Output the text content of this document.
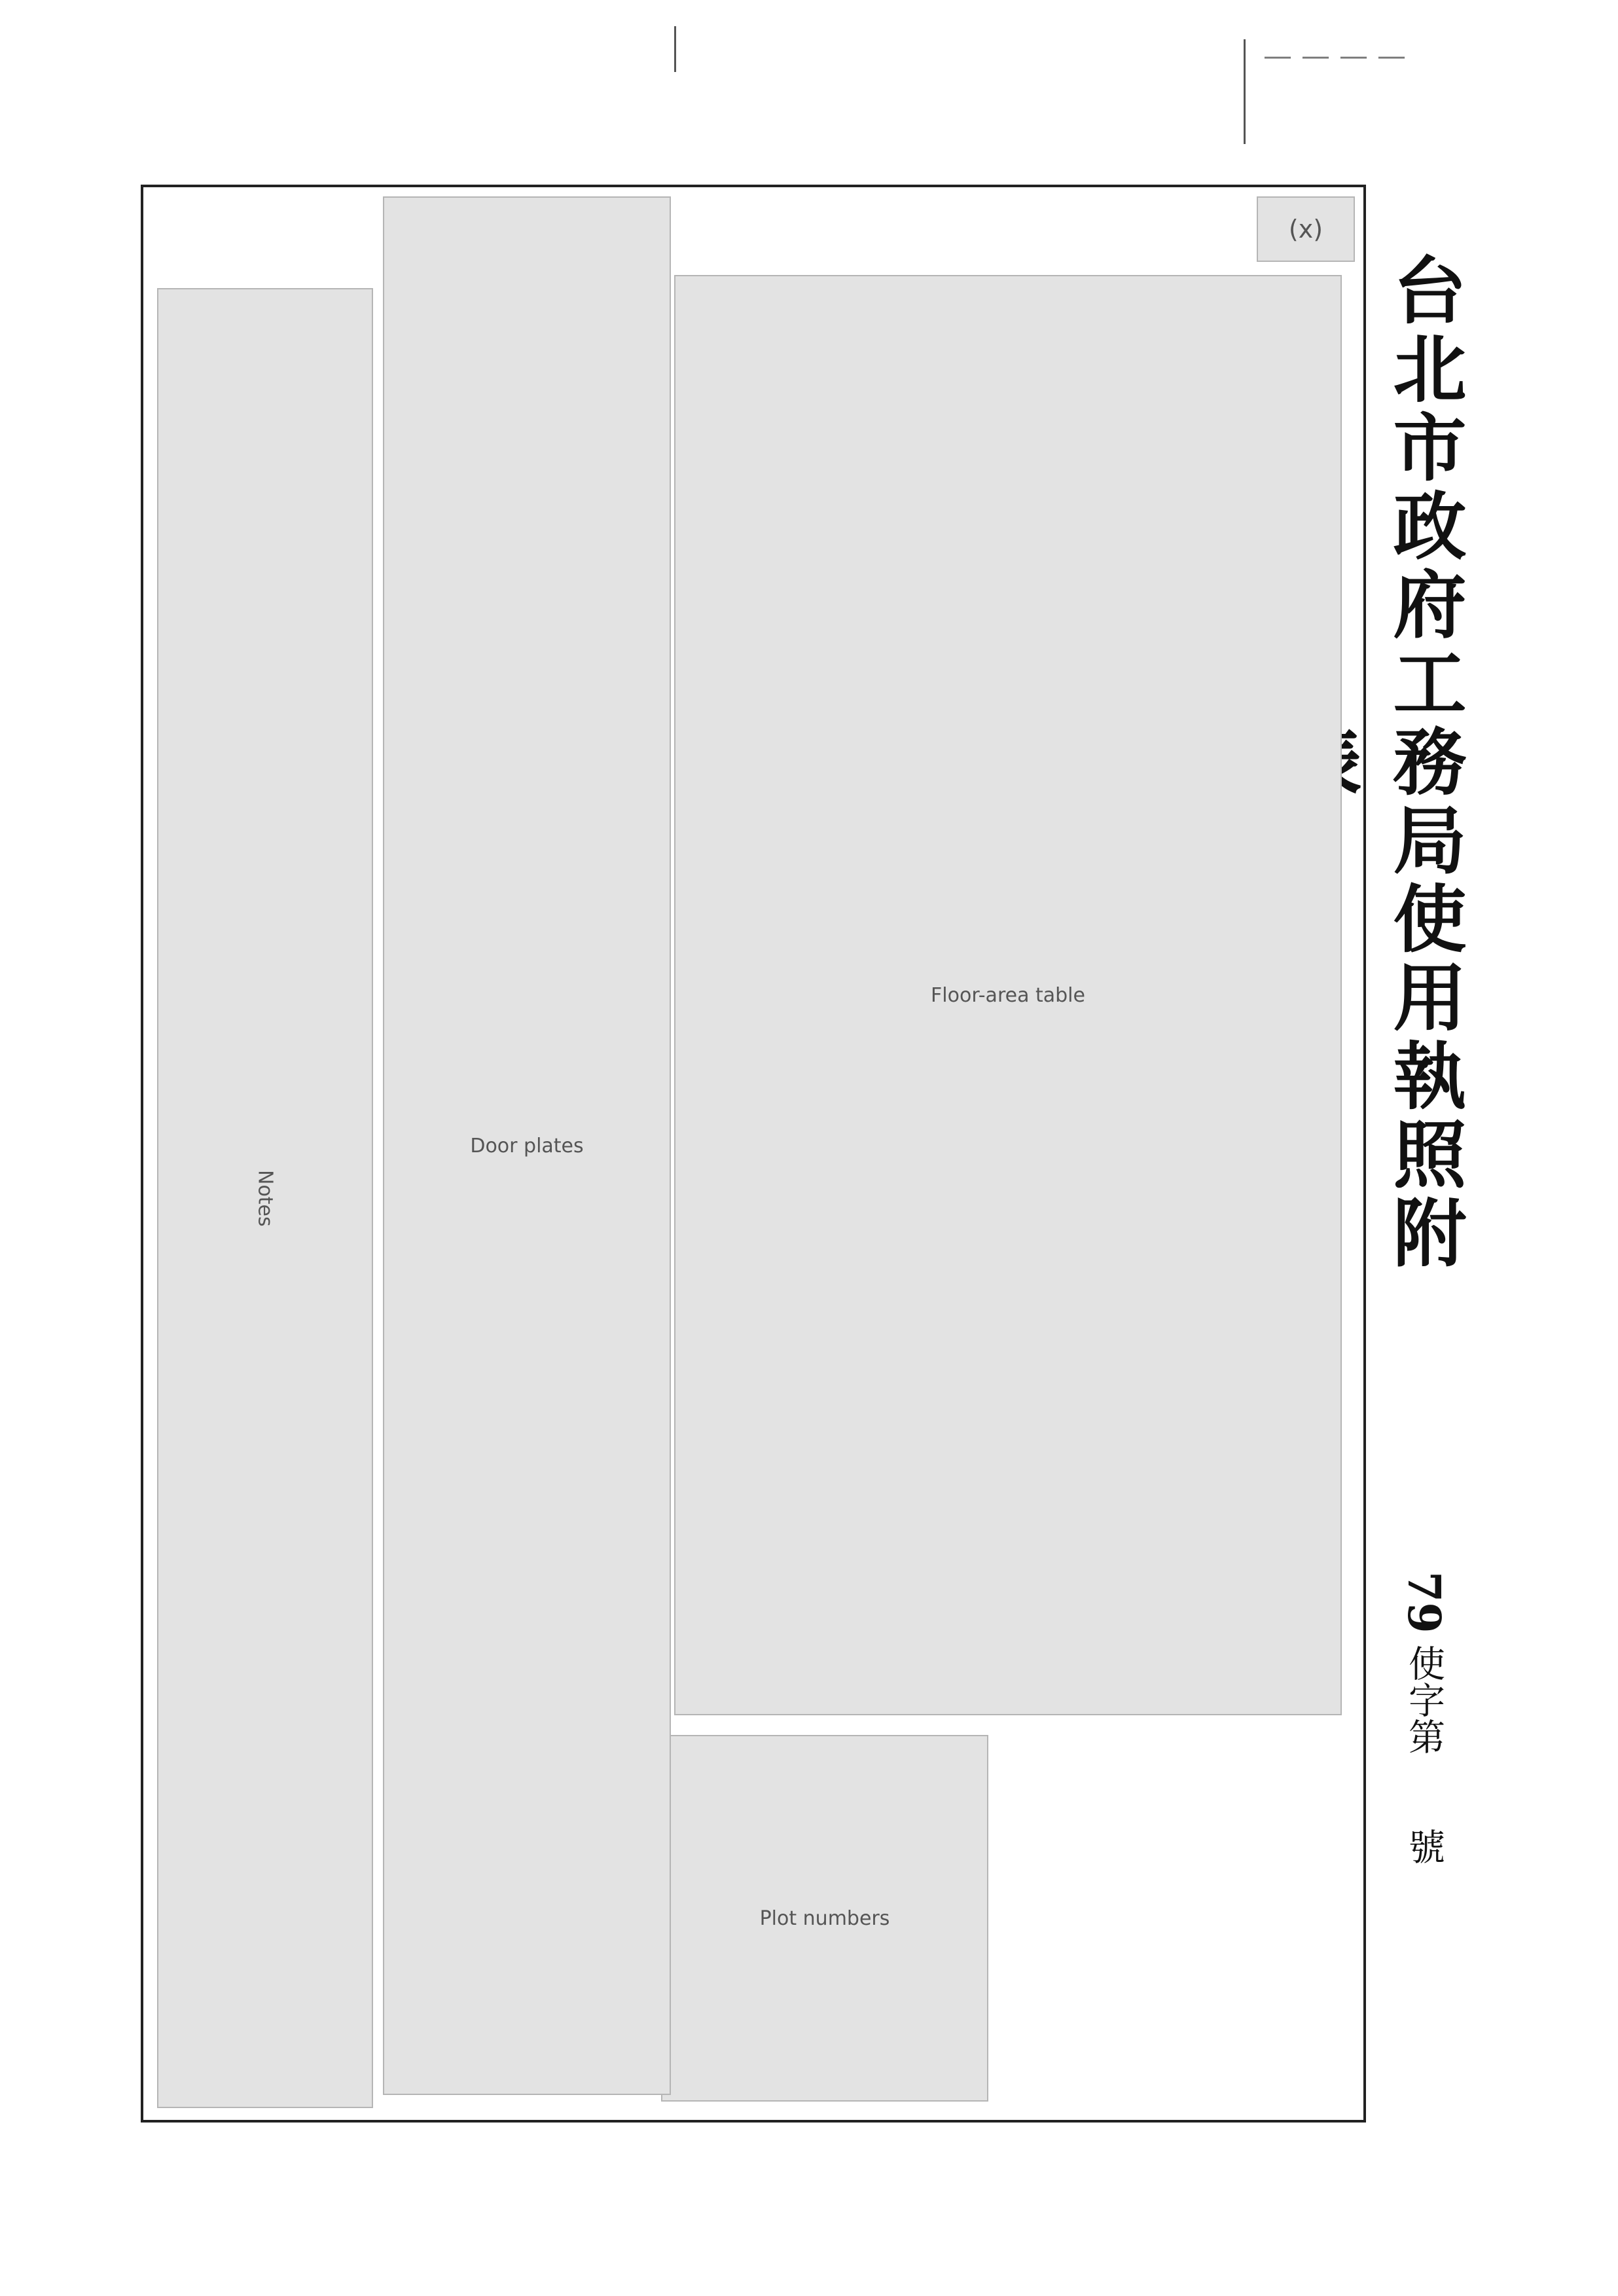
— — — —
台北市政府工務局使用執照附
79 使字第　　號
(x)
Floor-area table
Plot numbers
Door plates
Notes
